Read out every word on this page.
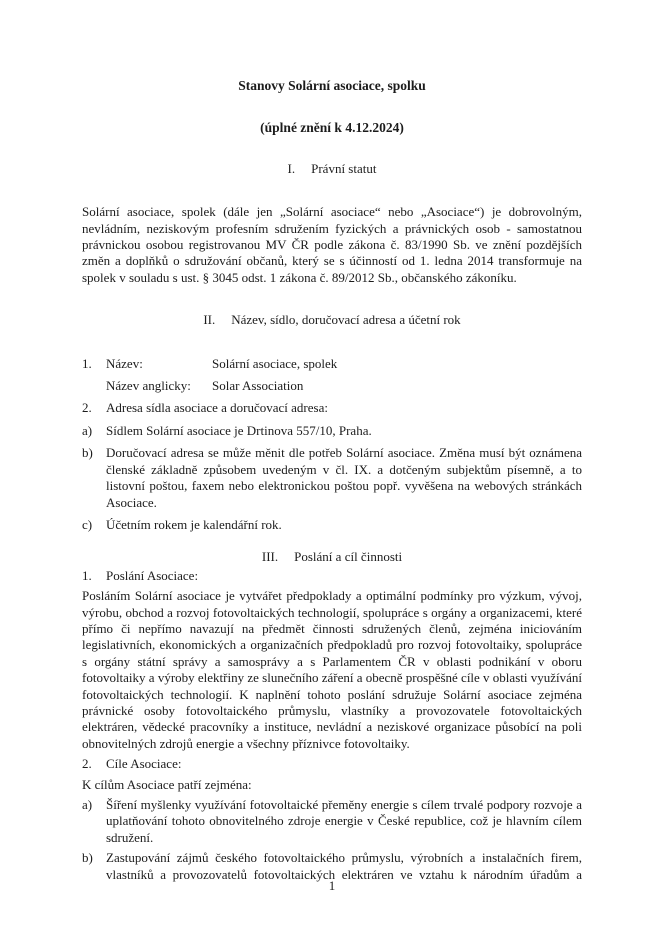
Stanovy Solární asociace, spolku

(úplné znění k 4.12.2024)

I. Právní statut

Solární asociace, spolek (dále jen „Solární asociace“ nebo „Asociace“) je dobrovolným, nevládním, neziskovým profesním sdružením fyzických a právnických osob - samostatnou právnickou osobou registrovanou MV ČR podle zákona č. 83/1990 Sb. ve znění pozdějších změn a doplňků o sdružování občanů, který se s účinností od 1. ledna 2014 transformuje na spolek v souladu s ust. § 3045 odst. 1 zákona č. 89/2012 Sb., občanského zákoníku.

II. Název, sídlo, doručovací adresa a účetní rok

1.	Název:	Solární asociace, spolek
Název anglicky: Solar Association
2.	Adresa sídla asociace a doručovací adresa:
a)	Sídlem Solární asociace je Drtinova 557/10, Praha.
b)	Doručovací adresa se může měnit dle potřeb Solární asociace. Změna musí být oznámena členské základně způsobem uvedeným v čl. IX. a dotčeným subjektům písemně, a to listovní poštou, faxem nebo elektronickou poštou popř. vyvěšena na webových stránkách Asociace.
c)	Účetním rokem je kalendářní rok.

III. Poslání a cíl činnosti

1.	Poslání Asociace:

Posláním Solární asociace je vytvářet předpoklady a optimální podmínky pro výzkum, vývoj, výrobu, obchod a rozvoj fotovoltaických technologií, spolupráce s orgány a organizacemi, které přímo či nepřímo navazují na předmět činnosti sdružených členů, zejména iniciováním legislativních, ekonomických a organizačních předpokladů pro rozvoj fotovoltaiky, spolupráce s orgány státní správy a samosprávy a s Parlamentem ČR v oblasti podnikání v oboru fotovoltaiky a výroby elektřiny ze slunečního záření a obecně prospěšné cíle v oblasti využívání fotovoltaických technologií. K naplnění tohoto poslání sdružuje Solární asociace zejména právnické osoby fotovoltaického průmyslu, vlastníky a provozovatele fotovoltaických elektráren, vědecké pracovníky a instituce, nevládní a neziskové organizace působící na poli obnovitelných zdrojů energie a všechny příznivce fotovoltaiky.

2.	Cíle Asociace:

K cílům Asociace patří zejména:

a)	Šíření myšlenky využívání fotovoltaické přeměny energie s cílem trvalé podpory rozvoje a uplatňování tohoto obnovitelného zdroje energie v České republice, což je hlavním cílem sdružení.
b)	Zastupování zájmů českého fotovoltaického průmyslu, výrobních a instalačních firem, vlastníků a provozovatelů fotovoltaických elektráren ve vztahu k národním úřadům a

1
